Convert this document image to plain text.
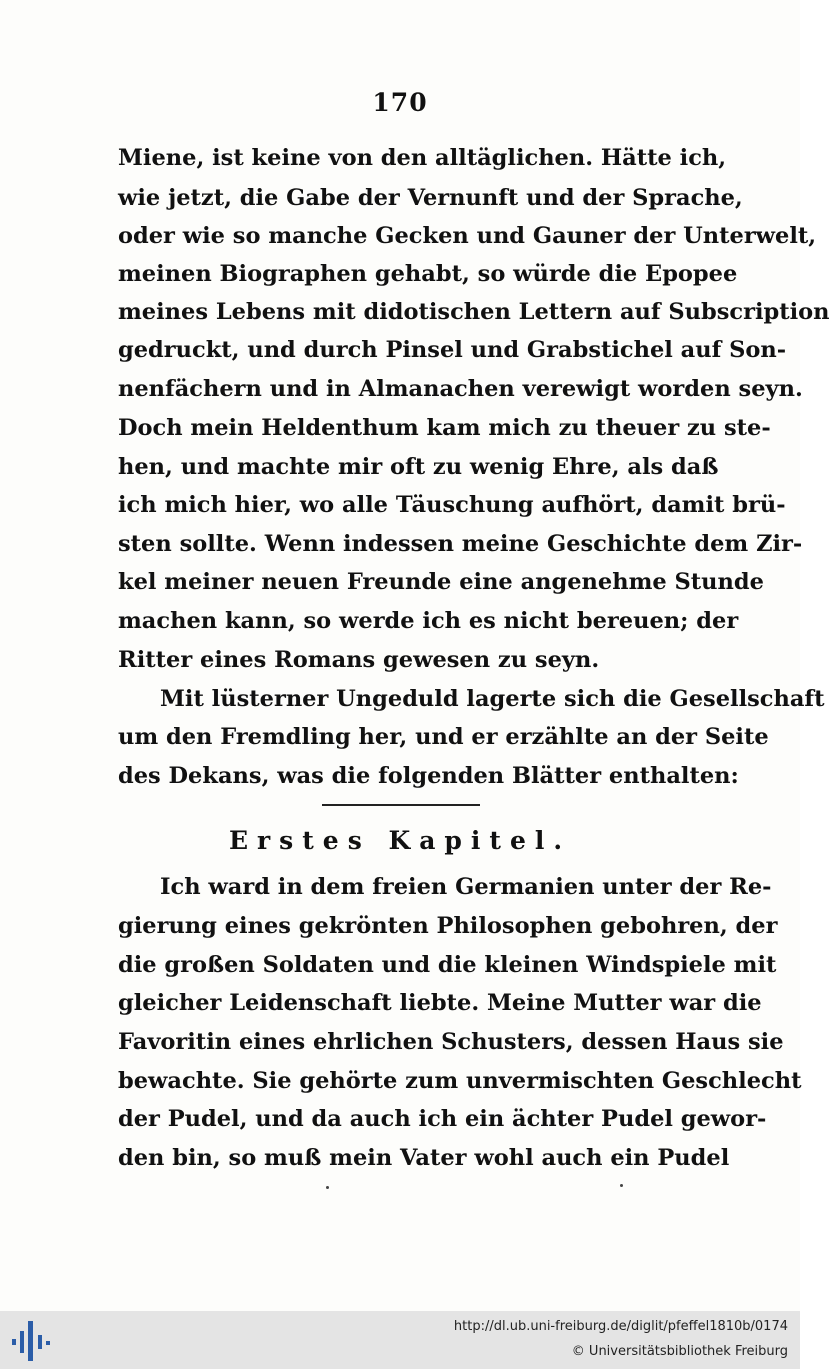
170
Miene, ist keine von den alltäglichen. Hätte ich,
wie jetzt, die Gabe der Vernunft und der Sprache,
oder wie so manche Gecken und Gauner der Unterwelt,
meinen Biographen gehabt, so würde die Epopee
meines Lebens mit didotischen Lettern auf Subscription
gedruckt, und durch Pinsel und Grabstichel auf Son-
nenfächern und in Almanachen verewigt worden seyn.
Doch mein Heldenthum kam mich zu theuer zu ste-
hen, und machte mir oft zu wenig Ehre, als daß
ich mich hier, wo alle Täuschung aufhört, damit brü-
sten sollte. Wenn indessen meine Geschichte dem Zir-
kel meiner neuen Freunde eine angenehme Stunde
machen kann, so werde ich es nicht bereuen; der
Ritter eines Romans gewesen zu seyn.
Mit lüsterner Ungeduld lagerte sich die Gesellschaft
um den Fremdling her, und er erzählte an der Seite
des Dekans, was die folgenden Blätter enthalten:
Erstes Kapitel.
Ich ward in dem freien Germanien unter der Re-
gierung eines gekrönten Philosophen gebohren, der
die großen Soldaten und die kleinen Windspiele mit
gleicher Leidenschaft liebte. Meine Mutter war die
Favoritin eines ehrlichen Schusters, dessen Haus sie
bewachte. Sie gehörte zum unvermischten Geschlecht
der Pudel, und da auch ich ein ächter Pudel gewor-
den bin, so muß mein Vater wohl auch ein Pudel
http://dl.ub.uni-freiburg.de/diglit/pfeffel1810b/0174
© Universitätsbibliothek Freiburg
